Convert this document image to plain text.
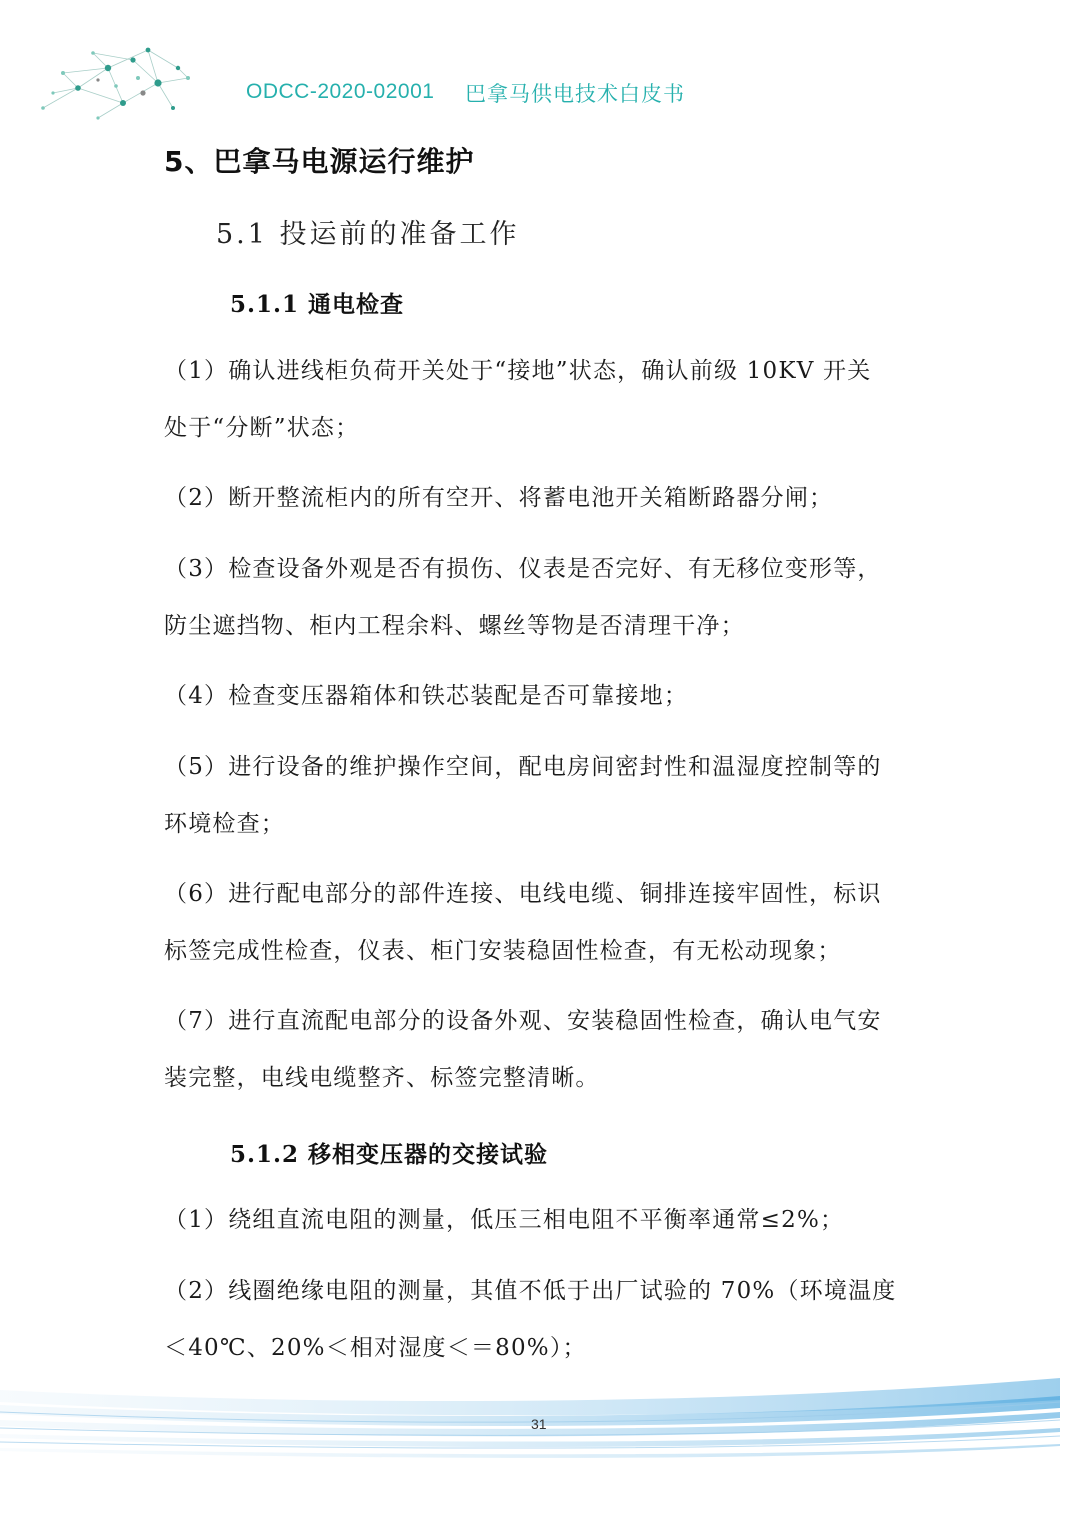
ODCC-2020-02001 巴拿马供电技术白皮书
5、巴拿马电源运行维护
5.1 投运前的准备工作
5.1.1 通电检查

（1）确认进线柜负荷开关处于“接地”状态，确认前级 10KV 开关
处于“分断”状态；

（2）断开整流柜内的所有空开、将蓄电池开关箱断路器分闸；

（3）检查设备外观是否有损伤、仪表是否完好、有无移位变形等，
防尘遮挡物、柜内工程余料、螺丝等物是否清理干净；

（4）检查变压器箱体和铁芯装配是否可靠接地；

（5）进行设备的维护操作空间，配电房间密封性和温湿度控制等的
环境检查；

（6）进行配电部分的部件连接、电线电缆、铜排连接牢固性，标识
标签完成性检查，仪表、柜门安装稳固性检查，有无松动现象；

（7）进行直流配电部分的设备外观、安装稳固性检查，确认电气安
装完整，电线电缆整齐、标签完整清晰。

5.1.2 移相变压器的交接试验

（1）绕组直流电阻的测量，低压三相电阻不平衡率通常≤2%；

（2）线圈绝缘电阻的测量，其值不低于出厂试验的 70%（环境温度
＜40℃、20%＜相对湿度＜＝80%）；

31
